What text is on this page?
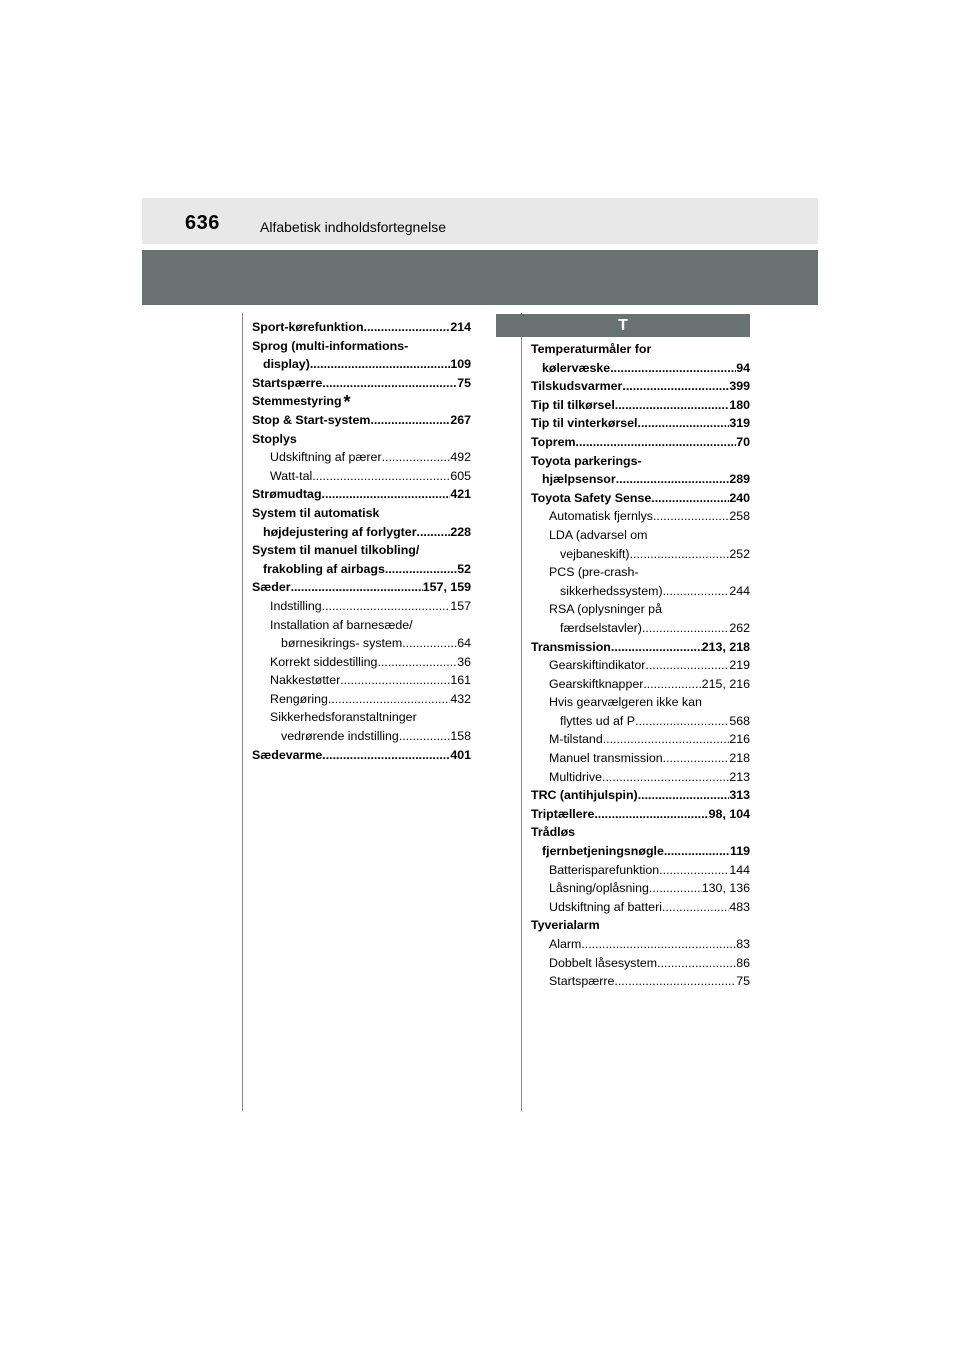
636	Alfabetisk indholdsfortegnelse
T
Sport-kørefunktion .....	214
Sprog (multi-informations-
display) .....	109
Startspærre .....	75
Stemmestyring *
Stop & Start-system .....	267
Stoplys
Udskiftning af pærer .....	492
Watt-tal .....	605
Strømudtag .....	421
System til automatisk
højdejustering af forlygter .....	228
System til manuel tilkobling/
frakobling af airbags .....	52
Sæder .....	157, 159
Indstilling .....	157
Installation af barnesæde/
børnesikrings- system .....	64
Korrekt siddestilling .....	36
Nakkestøtter .....	161
Rengøring .....	432
Sikkerhedsforanstaltninger
vedrørende indstilling .....	158
Sædevarme .....	401
Temperaturmåler for
kølervæske .....	94
Tilskudsvarmer .....	399
Tip til tilkørsel .....	180
Tip til vinterkørsel .....	319
Toprem .....	70
Toyota parkerings-
hjælpsensor .....	289
Toyota Safety Sense .....	240
Automatisk fjernlys .....	258
LDA (advarsel om
vejbaneskift) .....	252
PCS (pre-crash-
sikkerhedssystem) .....	244
RSA (oplysninger på
færdselstavler) .....	262
Transmission .....	213, 218
Gearskiftindikator .....	219
Gearskiftknapper .....	215, 216
Hvis gearvælgeren ikke kan
flyttes ud af P .....	568
M-tilstand .....	216
Manuel transmission .....	218
Multidrive .....	213
TRC (antihjulspin) .....	313
Triptællere .....	98, 104
Trådløs
fjernbetjeningsnøgle .....	119
Batterisparefunktion .....	144
Låsning/oplåsning .....	130, 136
Udskiftning af batteri .....	483
Tyverialarm
Alarm .....	83
Dobbelt låsesystem .....	86
Startspærre .....	75
